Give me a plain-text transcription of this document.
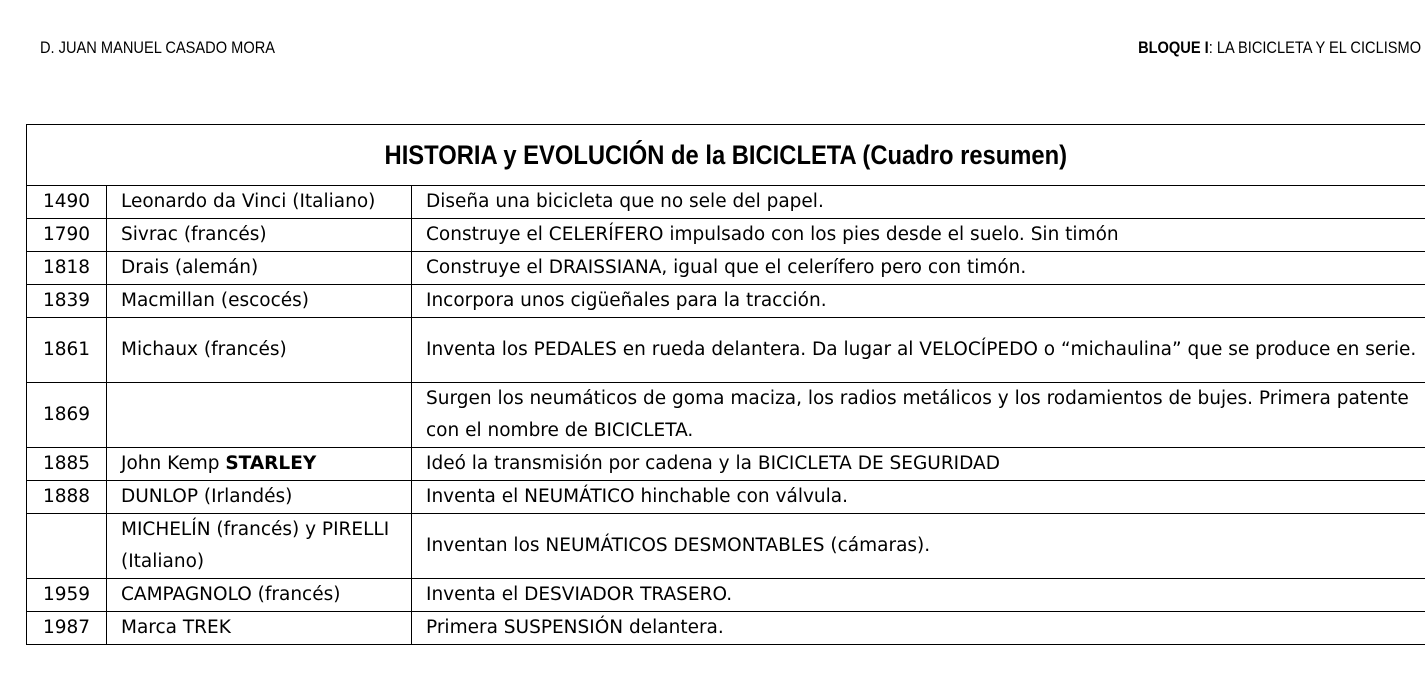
D. JUAN MANUEL CASADO MORA	BLOQUE I: LA BICICLETA Y EL CICLISMO
HISTORIA y EVOLUCIÓN de la BICICLETA (Cuadro resumen)		
1490	Leonardo da Vinci (Italiano)	Diseña una bicicleta que no sele del papel.
1790	Sivrac (francés)	Construye el CELERÍFERO impulsado con los pies desde el suelo. Sin timón
1818	Drais (alemán)	Construye el DRAISSIANA, igual que el celerífero pero con timón.
1839	Macmillan (escocés)	Incorpora unos cigüeñales para la tracción.
1861	Michaux (francés)	Inventa los PEDALES en rueda delantera. Da lugar al VELOCÍPEDO o “michaulina” que se produce en serie.
1869		Surgen los neumáticos de goma maciza, los radios metálicos y los rodamientos de bujes. Primera patente con el nombre de BICICLETA.
1885	John Kemp STARLEY	Ideó la transmisión por cadena y la BICICLETA DE SEGURIDAD
1888	DUNLOP (Irlandés)	Inventa el NEUMÁTICO hinchable con válvula.
	MICHELÍN (francés) y PIRELLI (Italiano)	Inventan los NEUMÁTICOS DESMONTABLES (cámaras).
1959	CAMPAGNOLO (francés)	Inventa el DESVIADOR TRASERO.
1987	Marca TREK	Primera SUSPENSIÓN delantera.
